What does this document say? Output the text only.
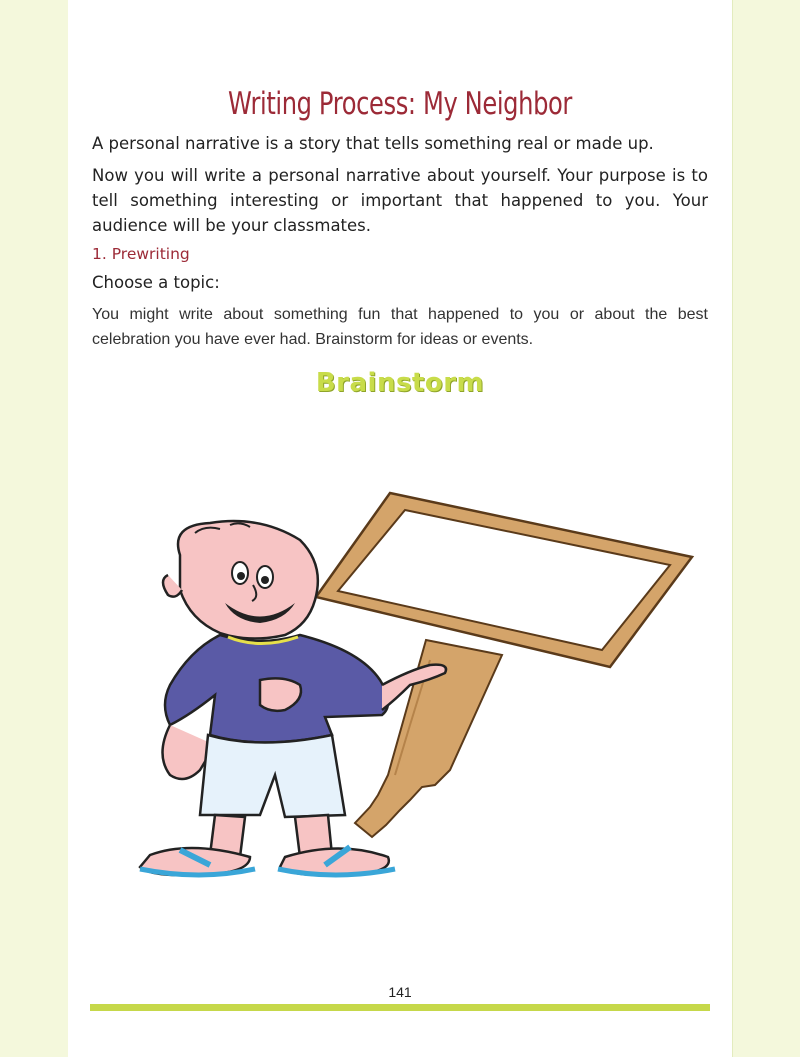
Writing Process: My Neighbor
A personal narrative is a story that tells something real or made up.
Now you will write a personal narrative about yourself. Your purpose is to tell something interesting or important that happened to you. Your audience will be your classmates.
1. Prewriting
Choose a topic:
You might write about something fun that happened to you or about the best celebration you have ever had. Brainstorm for ideas or events.
Brainstorm
141
